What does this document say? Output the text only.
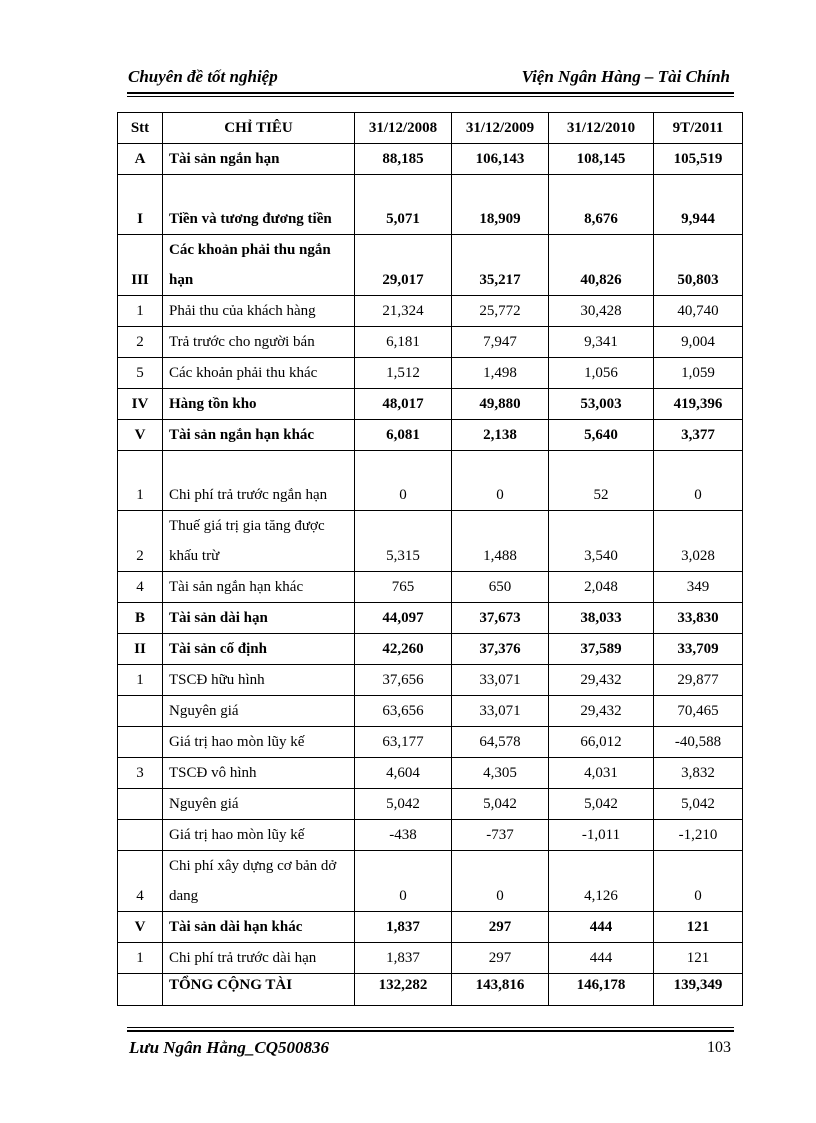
Chuyên đề tốt nghiệp	Viện Ngân Hàng – Tài Chính
Stt	CHỈ TIÊU	31/12/2008	31/12/2009	31/12/2010	9T/2011
A	Tài sản ngắn hạn	88,185	106,143	108,145	105,519
I	Tiền và tương đương tiền	5,071	18,909	8,676	9,944
III	Các khoản phải thu ngắn hạn	29,017	35,217	40,826	50,803
1	Phải thu của khách hàng	21,324	25,772	30,428	40,740
2	Trả trước cho người bán	6,181	7,947	9,341	9,004
5	Các khoản phải thu khác	1,512	1,498	1,056	1,059
IV	Hàng tồn kho	48,017	49,880	53,003	419,396
V	Tài sản ngắn hạn khác	6,081	2,138	5,640	3,377
1	Chi phí trả trước ngắn hạn	0	0	52	0
2	Thuế giá trị gia tăng được khấu trừ	5,315	1,488	3,540	3,028
4	Tài sản ngắn hạn khác	765	650	2,048	349
B	Tài sản dài hạn	44,097	37,673	38,033	33,830
II	Tài sản cố định	42,260	37,376	37,589	33,709
1	TSCĐ hữu hình	37,656	33,071	29,432	29,877
	Nguyên giá	63,656	33,071	29,432	70,465
	Giá trị hao mòn lũy kế	63,177	64,578	66,012	-40,588
3	TSCĐ vô hình	4,604	4,305	4,031	3,832
	Nguyên giá	5,042	5,042	5,042	5,042
	Giá trị hao mòn lũy kế	-438	-737	-1,011	-1,210
4	Chi phí xây dựng cơ bản dở dang	0	0	4,126	0
V	Tài sản dài hạn khác	1,837	297	444	121
1	Chi phí trả trước dài hạn	1,837	297	444	121
	TỔNG CỘNG TÀI	132,282	143,816	146,178	139,349
Lưu Ngân Hằng_CQ500836	103
